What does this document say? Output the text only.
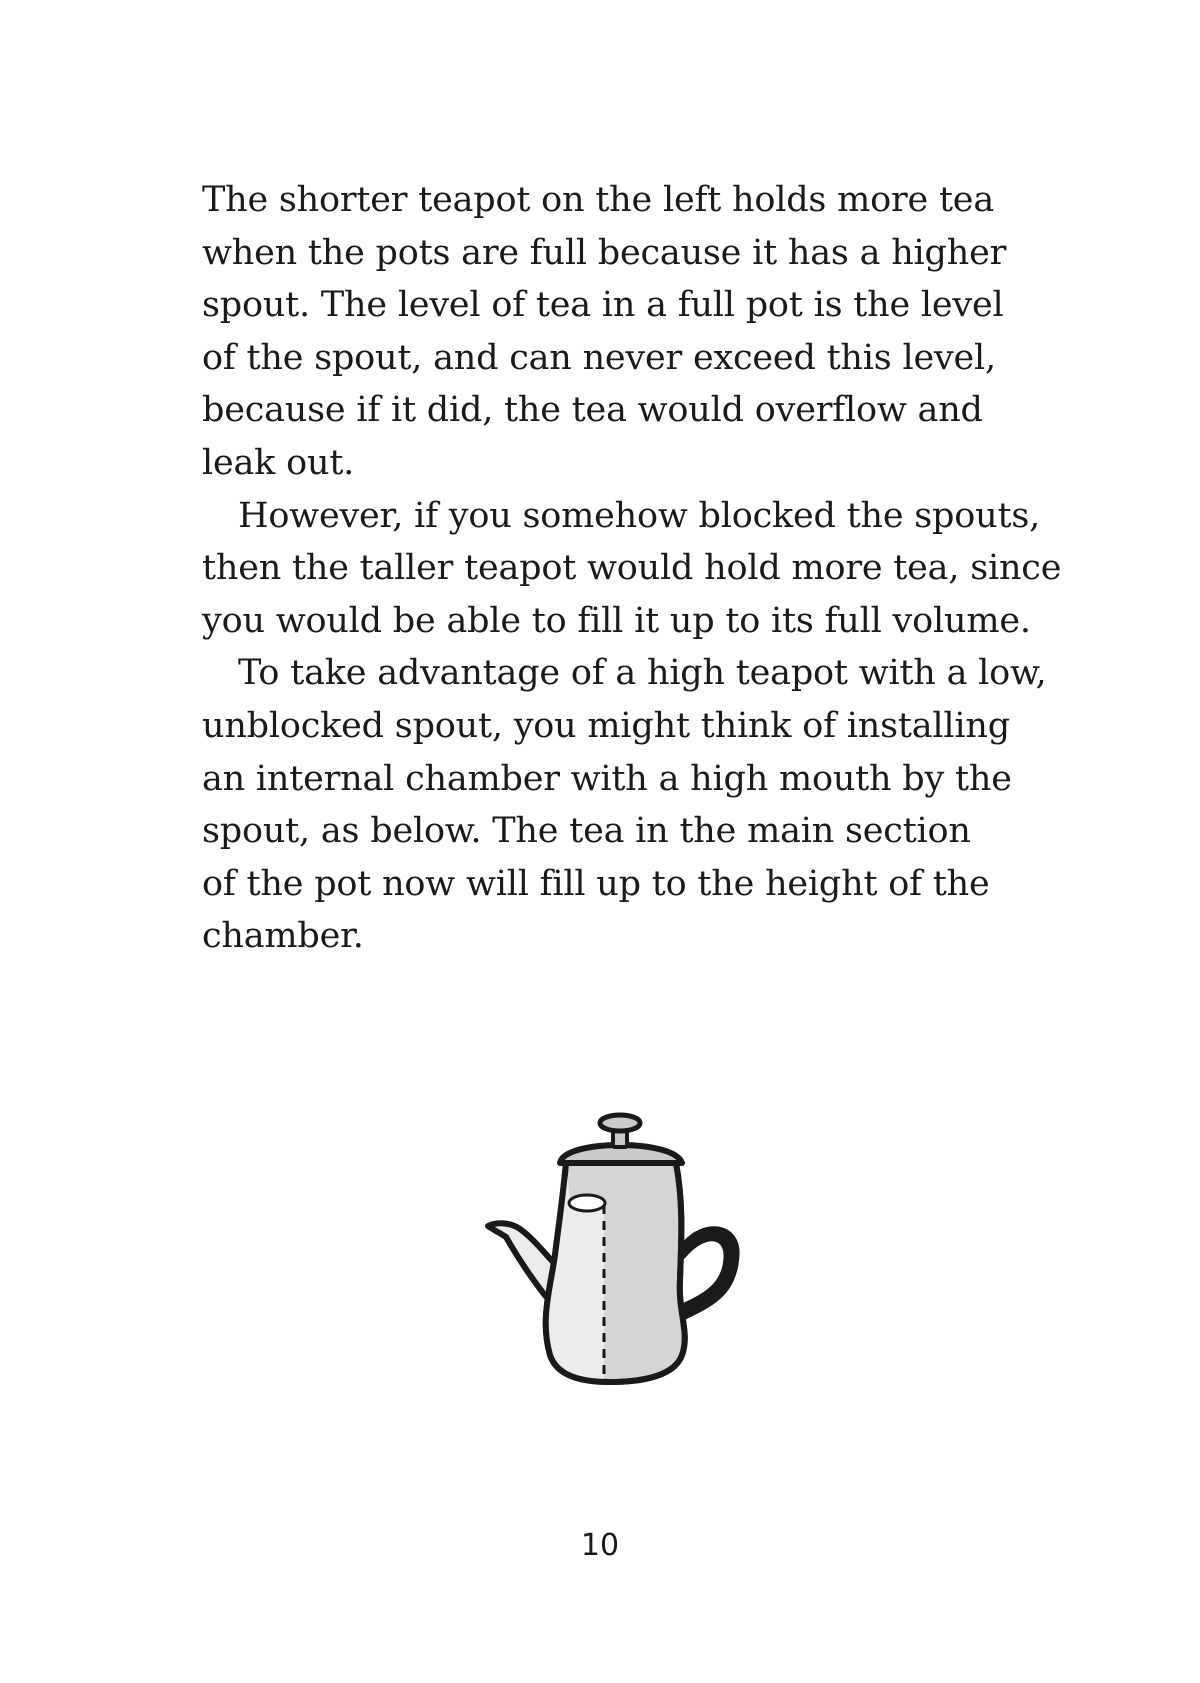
The shorter teapot on the left holds more tea
when the pots are full because it has a higher
spout. The level of tea in a full pot is the level
of the spout, and can never exceed this level,
because if it did, the tea would overflow and
leak out.
However, if you somehow blocked the spouts,
then the taller teapot would hold more tea, since
you would be able to fill it up to its full volume.
To take advantage of a high teapot with a low,
unblocked spout, you might think of installing
an internal chamber with a high mouth by the
spout, as below. The tea in the main section
of the pot now will fill up to the height of the
chamber.
10
